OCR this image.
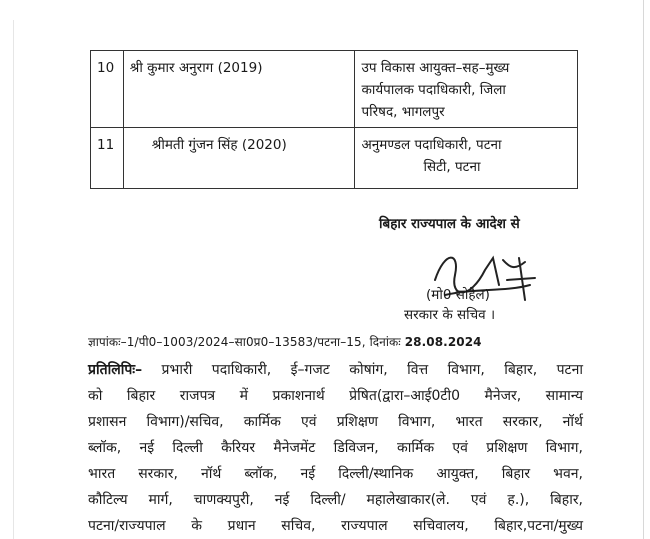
10	श्री कुमार अनुराग (2019)	उप विकास आयुक्त–सह–मुख्य
कार्यपालक पदाधिकारी, जिला
परिषद, भागलपुर

11	श्रीमती गुंजन सिंह (2020)	अनुमण्डल पदाधिकारी, पटना
सिटी, पटना
बिहार राज्यपाल के आदेश से
(मो0 सोहैल)
सरकार के सचिव ।
ज्ञापांकः–1/पी0–1003/2024–सा0प्र0–13583/पटना–15, दिनांकः 28.08.2024
प्रतिलिपिः– प्रभारी पदाधिकारी, ई–गजट कोषांग, वित्त विभाग, बिहार, पटना
को बिहार राजपत्र में प्रकाशनार्थ प्रेषित(द्वारा–आई0टी0 मैनेजर, सामान्य
प्रशासन विभाग)/सचिव, कार्मिक एवं प्रशिक्षण विभाग, भारत सरकार, नॉर्थ
ब्लॉक, नई दिल्ली कैरियर मैनेजमेंट डिविजन, कार्मिक एवं प्रशिक्षण विभाग,
भारत सरकार, नॉर्थ ब्लॉक, नई दिल्ली/स्थानिक आयुक्त, बिहार भवन,
कौटिल्य मार्ग, चाणक्यपुरी, नई दिल्ली/ महालेखाकार(ले. एवं ह.), बिहार,
पटना/राज्यपाल के प्रधान सचिव, राज्यपाल सचिवालय, बिहार,पटना/मुख्य
